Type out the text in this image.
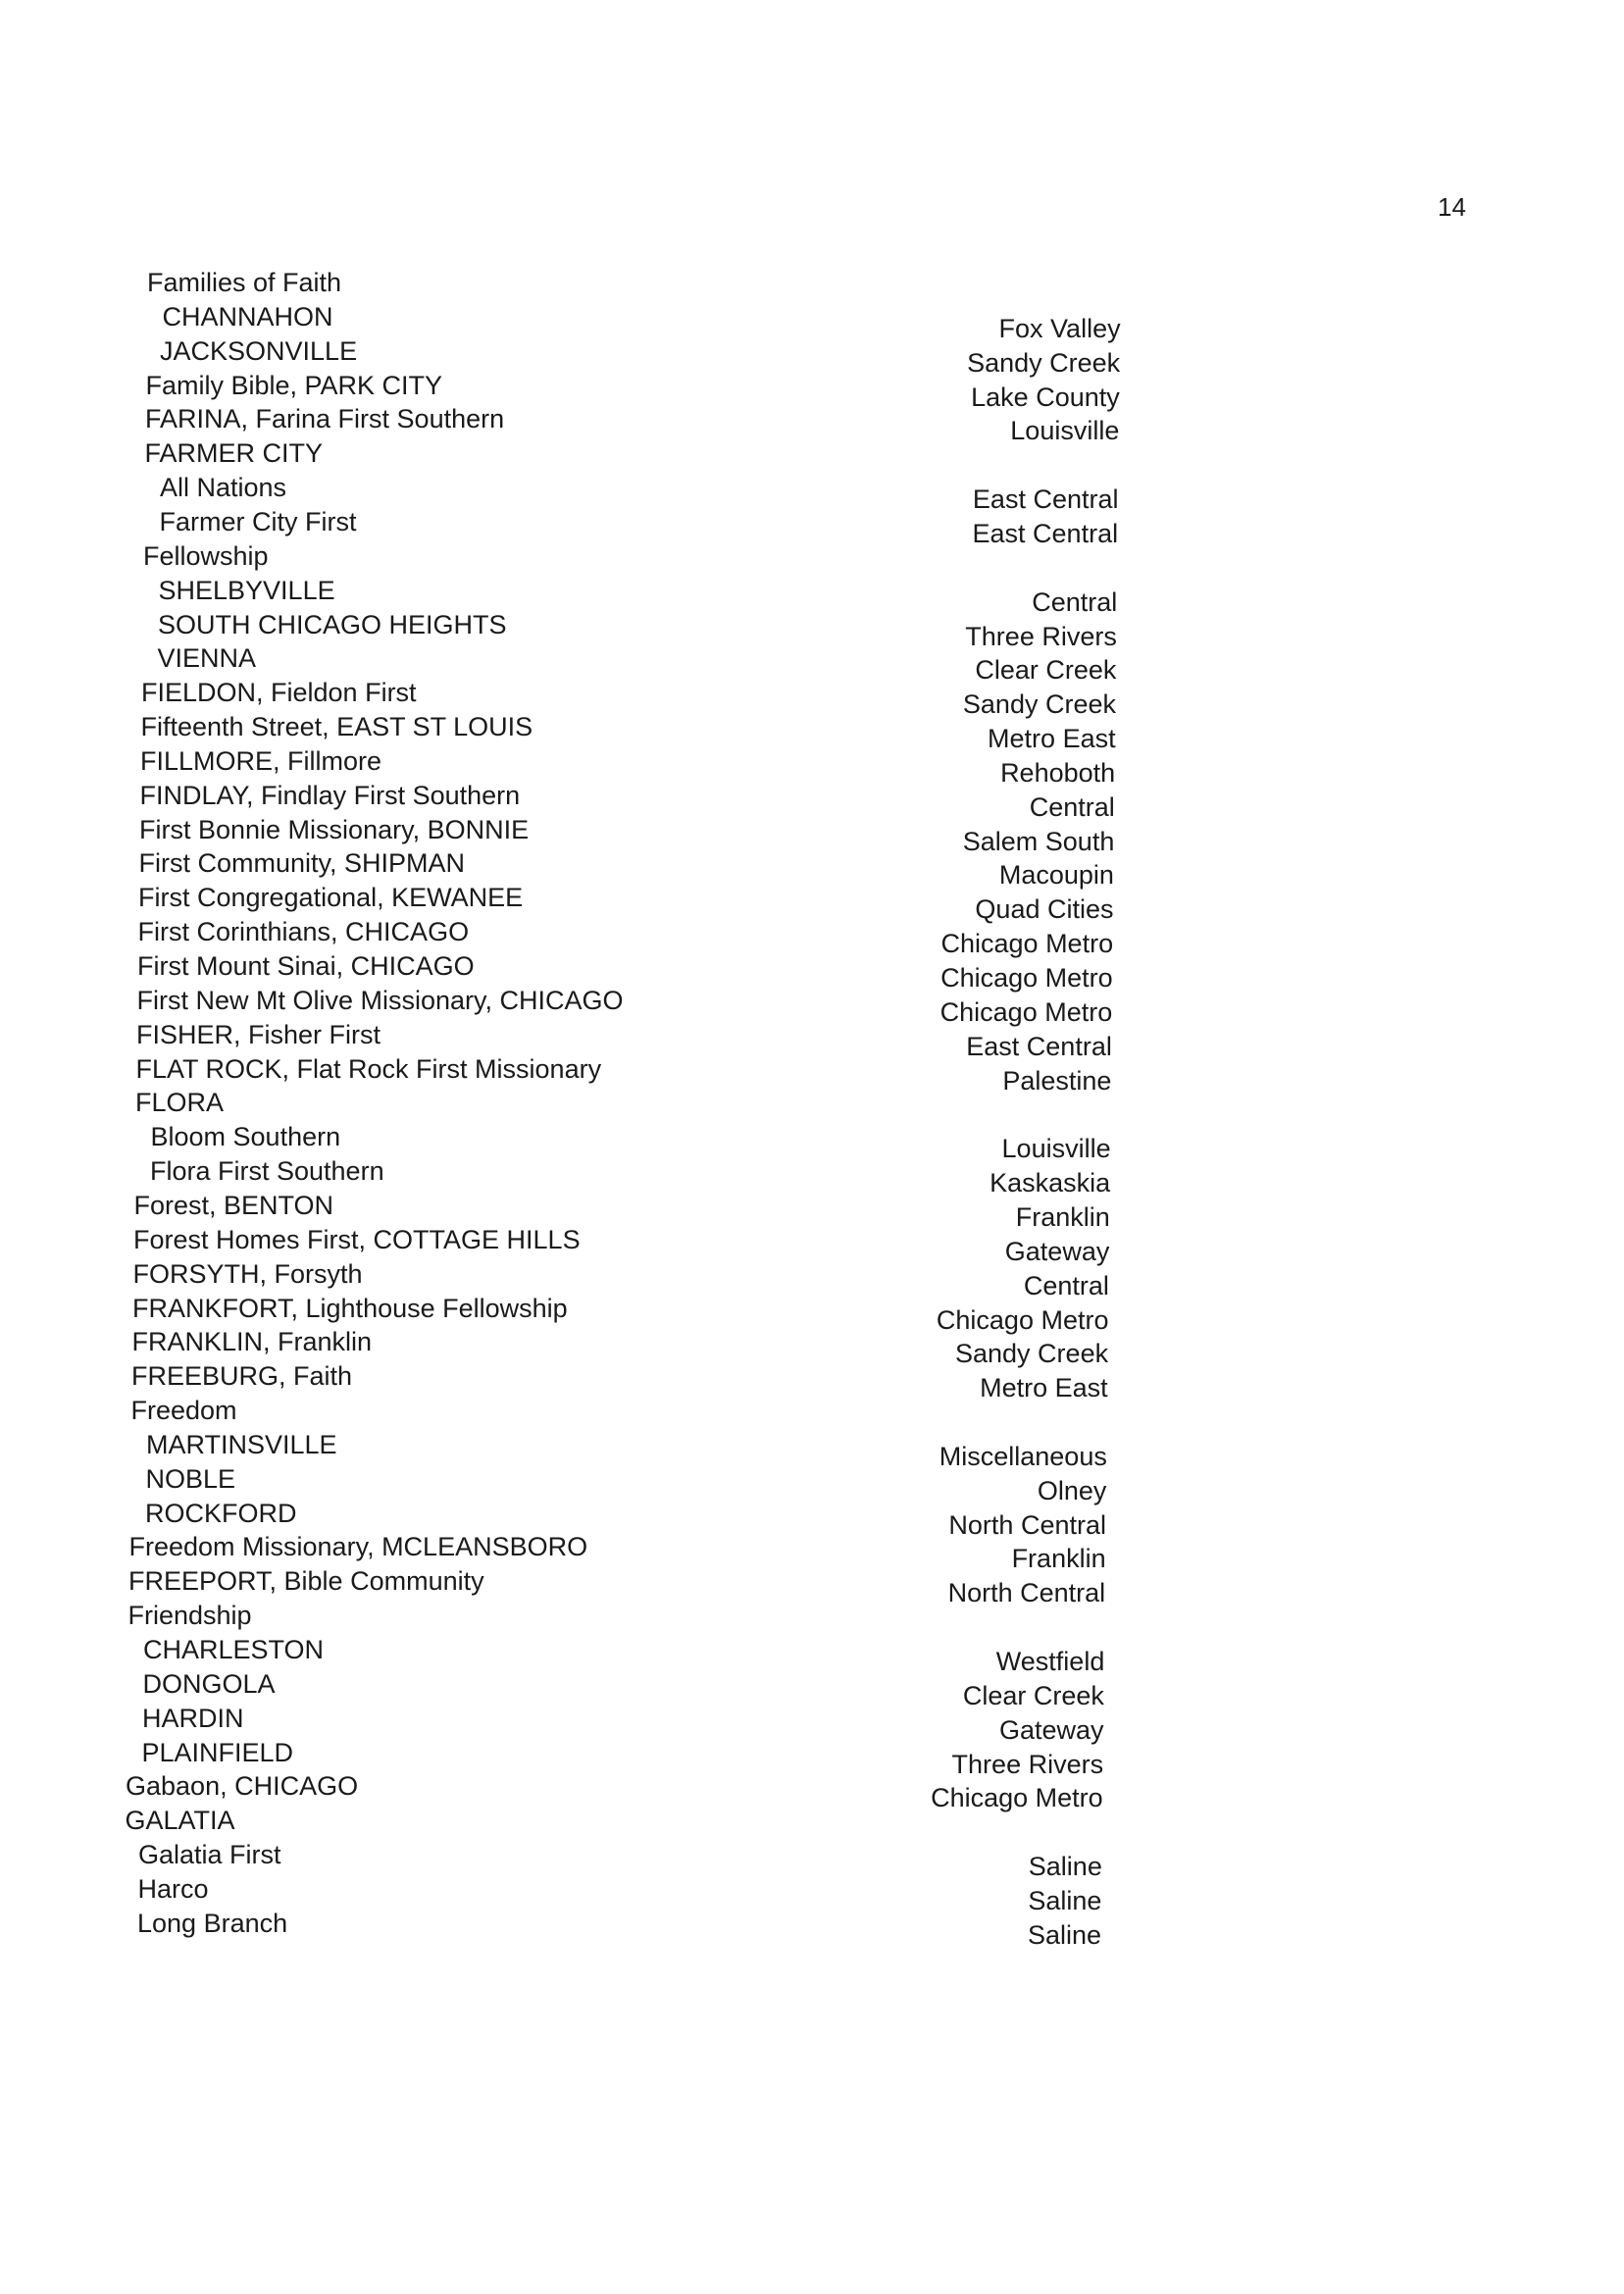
14
Families of Faith
CHANNAHON
JACKSONVILLE
Family Bible, PARK CITY
FARINA, Farina First Southern
FARMER CITY
All Nations
Farmer City First
Fellowship
SHELBYVILLE
SOUTH CHICAGO HEIGHTS
VIENNA
FIELDON, Fieldon First
Fifteenth Street, EAST ST LOUIS
FILLMORE, Fillmore
FINDLAY, Findlay First Southern
First Bonnie Missionary, BONNIE
First Community, SHIPMAN
First Congregational, KEWANEE
First Corinthians, CHICAGO
First Mount Sinai, CHICAGO
First New Mt Olive Missionary, CHICAGO
FISHER, Fisher First
FLAT ROCK, Flat Rock First Missionary
FLORA
Bloom Southern
Flora First Southern
Forest, BENTON
Forest Homes First, COTTAGE HILLS
FORSYTH, Forsyth
FRANKFORT, Lighthouse Fellowship
FRANKLIN, Franklin
FREEBURG, Faith
Freedom
MARTINSVILLE
NOBLE
ROCKFORD
Freedom Missionary, MCLEANSBORO
FREEPORT, Bible Community
Friendship
CHARLESTON
DONGOLA
HARDIN
PLAINFIELD
Gabaon, CHICAGO
GALATIA
Galatia First
Harco
Long Branch
Fox Valley
Sandy Creek
Lake County
Louisville
East Central
East Central
Central
Three Rivers
Clear Creek
Sandy Creek
Metro East
Rehoboth
Central
Salem South
Macoupin
Quad Cities
Chicago Metro
Chicago Metro
Chicago Metro
East Central
Palestine
Louisville
Kaskaskia
Franklin
Gateway
Central
Chicago Metro
Sandy Creek
Metro East
Miscellaneous
Olney
North Central
Franklin
North Central
Westfield
Clear Creek
Gateway
Three Rivers
Chicago Metro
Saline
Saline
Saline
